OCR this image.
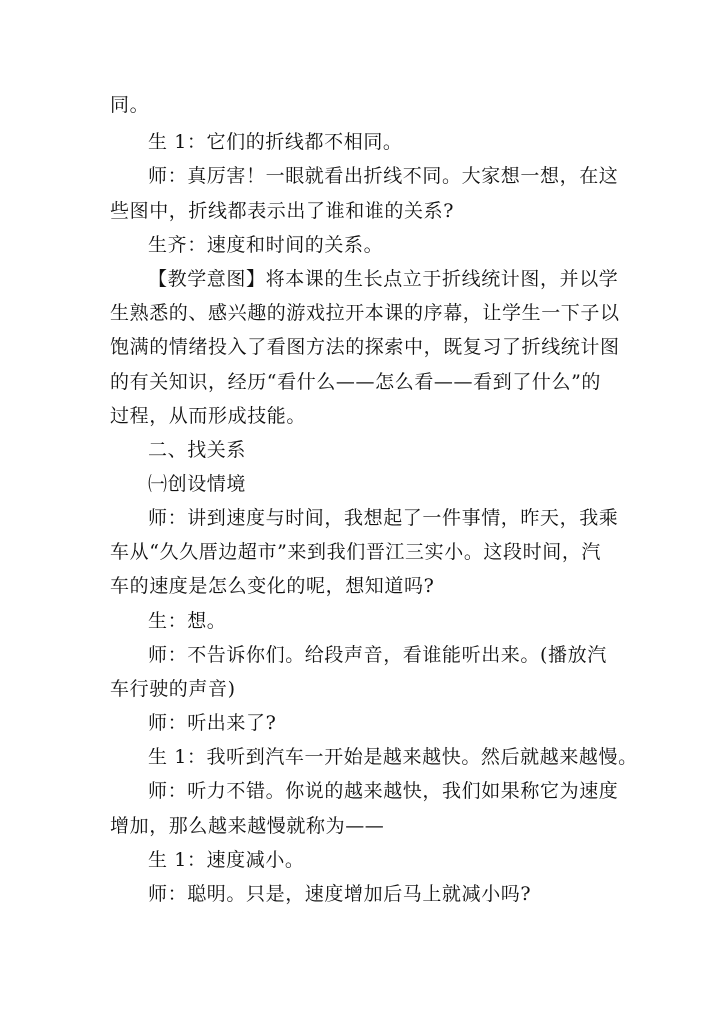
同。
生 1：它们的折线都不相同。
师：真厉害！一眼就看出折线不同。大家想一想，在这
些图中，折线都表示出了谁和谁的关系?
生齐：速度和时间的关系。
【教学意图】将本课的生长点立于折线统计图，并以学
生熟悉的、感兴趣的游戏拉开本课的序幕，让学生一下子以
饱满的情绪投入了看图方法的探索中，既复习了折线统计图
的有关知识，经历“看什么——怎么看——看到了什么”的
过程，从而形成技能。
二、找关系
㈠创设情境
师：讲到速度与时间，我想起了一件事情，昨天，我乘
车从“久久厝边超市”来到我们晋江三实小。这段时间，汽
车的速度是怎么变化的呢，想知道吗?
生：想。
师：不告诉你们。给段声音，看谁能听出来。(播放汽
车行驶的声音)
师：听出来了?
生 1：我听到汽车一开始是越来越快。然后就越来越慢。
师：听力不错。你说的越来越快，我们如果称它为速度
增加，那么越来越慢就称为——
生 1：速度减小。
师：聪明。只是，速度增加后马上就减小吗?
